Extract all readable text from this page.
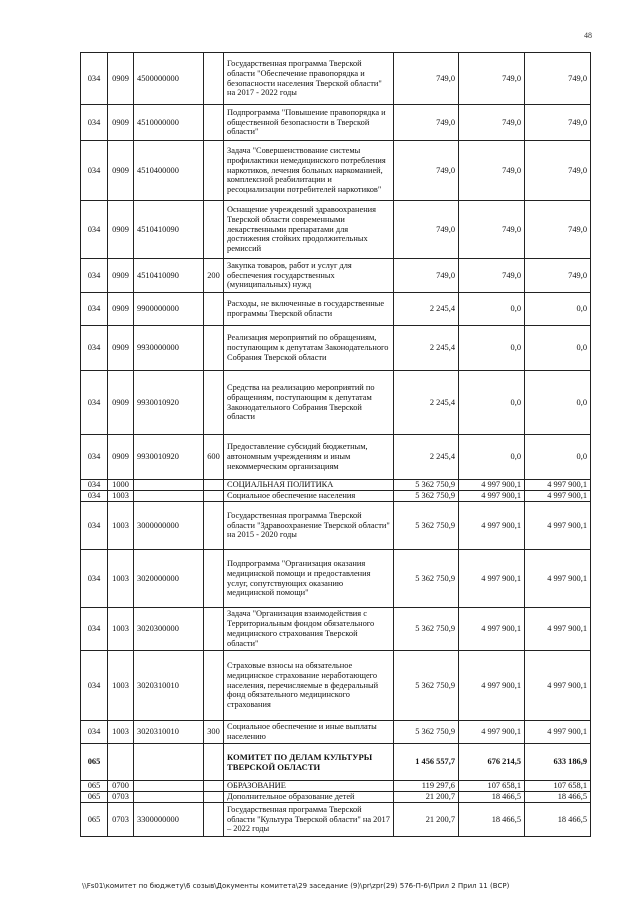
48
034	0909	4500000000		Государственная программа Тверской области "Обеспечение правопорядка и безопасности населения Тверской области" на 2017 - 2022 годы	749,0	749,0	749,0
034	0909	4510000000		Подпрограмма "Повышение правопорядка и общественной безопасности в Тверской области"	749,0	749,0	749,0
034	0909	4510400000		Задача "Совершенствование системы профилактики немедицинского потребления наркотиков, лечения больных наркоманией, комплексной реабилитации и ресоциализации потребителей наркотиков"	749,0	749,0	749,0
034	0909	4510410090		Оснащение учреждений здравоохранения Тверской области современными лекарственными препаратами для достижения стойких продолжительных ремиссий	749,0	749,0	749,0
034	0909	4510410090	200	Закупка товаров, работ и услуг для обеспечения государственных (муниципальных) нужд	749,0	749,0	749,0
034	0909	9900000000		Расходы, не включенные в государственные программы Тверской области	2 245,4	0,0	0,0
034	0909	9930000000		Реализация мероприятий по обращениям, поступающим к депутатам Законодательного Собрания Тверской области	2 245,4	0,0	0,0
034	0909	9930010920		Средства на реализацию мероприятий по обращениям, поступающим к депутатам Законодательного Собрания Тверской области	2 245,4	0,0	0,0
034	0909	9930010920	600	Предоставление субсидий бюджетным, автономным учреждениям и иным некоммерческим организациям	2 245,4	0,0	0,0
034	1000			СОЦИАЛЬНАЯ ПОЛИТИКА	5 362 750,9	4 997 900,1	4 997 900,1
034	1003			Социальное обеспечение населения	5 362 750,9	4 997 900,1	4 997 900,1
034	1003	3000000000		Государственная программа Тверской области "Здравоохранение Тверской области" на 2015 - 2020 годы	5 362 750,9	4 997 900,1	4 997 900,1
034	1003	3020000000		Подпрограмма "Организация оказания медицинской помощи и предоставления услуг, сопутствующих оказанию медицинской помощи"	5 362 750,9	4 997 900,1	4 997 900,1
034	1003	3020300000		Задача "Организация взаимодействия с Территориальным фондом обязательного медицинского страхования Тверской области"	5 362 750,9	4 997 900,1	4 997 900,1
034	1003	3020310010		Страховые взносы на обязательное медицинское страхование неработающего населения, перечисляемые в федеральный фонд обязательного медицинского страхования	5 362 750,9	4 997 900,1	4 997 900,1
034	1003	3020310010	300	Социальное обеспечение и иные выплаты населению	5 362 750,9	4 997 900,1	4 997 900,1
065				КОМИТЕТ ПО ДЕЛАМ КУЛЬТУРЫ ТВЕРСКОЙ ОБЛАСТИ	1 456 557,7	676 214,5	633 186,9
065	0700			ОБРАЗОВАНИЕ	119 297,6	107 658,1	107 658,1
065	0703			Дополнительное образование детей	21 200,7	18 466,5	18 466,5
065	0703	3300000000		Государственная программа Тверской области "Культура Тверской области" на 2017 – 2022 годы	21 200,7	18 466,5	18 466,5
\\Fs01\комитет по бюджету\6 созыв\Документы комитета\29 заседание (9)\pr\zpr(29) 576-П-6\Прил 2 Прил 11 (ВСР)
